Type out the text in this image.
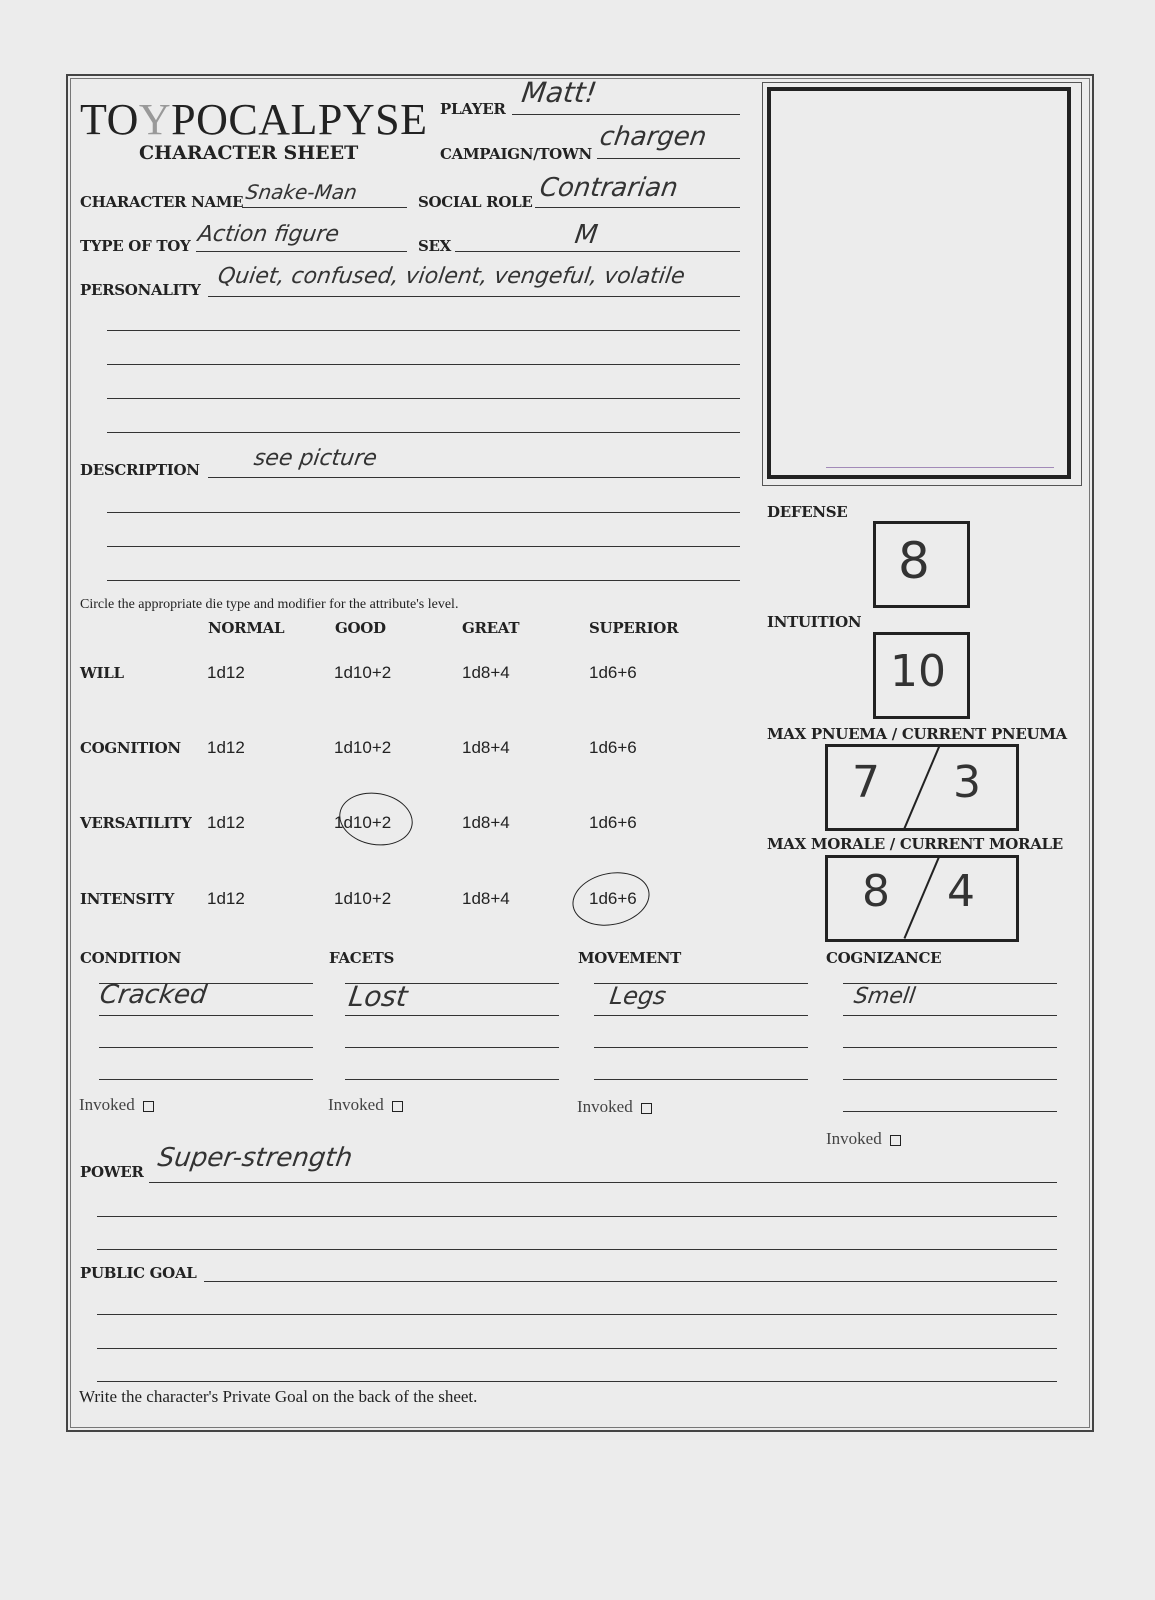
TOYPOCALPYSE
CHARACTER SHEET
PLAYER Matt!
CAMPAIGN/TOWN
chargen
CHARACTER NAME Snake-Man	SOCIAL ROLE Contrarian
TYPE OF TOY Action figure	SEX	M
PERSONALITY
Quiet, confused, violent, vengeful, volatile
DESCRIPTION see picture
Circle the appropriate die type and modifier for the attribute's level.
NORMAL	GOOD	GREAT	SUPERIOR
WILL	1d12	1d10+2	1d8+4	1d6+6
COGNITION 1d12	1d10+2	1d8+4	1d6+6
VERSATILITY 1d12	1d10+2	1d8+4	1d6+6
INTENSITY 1d12	1d10+2	1d8+4	1d6+6
DEFENSE
8
INTUITION
10
MAX PNUEMA / CURRENT PNEUMA
7 3
MAX MORALE / CURRENT MORALE
8 4
CONDITION
Cracked
Invoked
FACETS
Lost
Invoked
MOVEMENT
Legs
Invoked
COGNIZANCE
Smell
Invoked
POWER Super-strength
PUBLIC GOAL
Write the character's Private Goal on the back of the sheet.
